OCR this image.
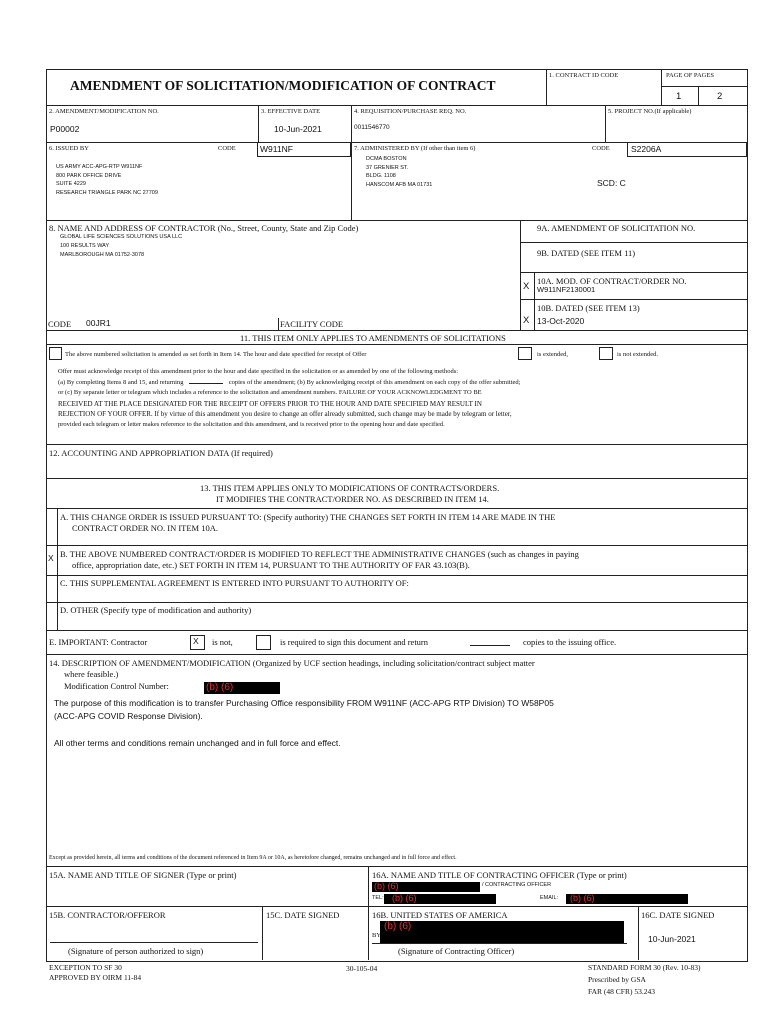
AMENDMENT OF SOLICITATION/MODIFICATION OF CONTRACT
1. CONTRACT ID CODE	PAGE OF PAGES
1	2
2. AMENDMENT/MODIFICATION NO.
P00002
3. EFFECTIVE DATE
10-Jun-2021
4. REQUISITION/PURCHASE REQ. NO.
0011546770
5. PROJECT NO.(If applicable)
6. ISSUED BY	CODE	W911NF
US ARMY ACC-APG-RTP W911NF
800 PARK OFFICE DRIVE
SUITE 4229
RESEARCH TRIANGLE PARK NC 27709
7. ADMINISTERED BY (If other than item 6)	CODE	S2206A
DCMA BOSTON
37 GRENIER ST.
BLDG. 1108
HANSCOM AFB MA 01731	SCD: C
8. NAME AND ADDRESS OF CONTRACTOR (No., Street, County, State and Zip Code)
GLOBAL LIFE SCIENCES SOLUTIONS USA LLC
100 RESULTS WAY
MARLBOROUGH MA 01752-3078
CODE 00JR1	FACILITY CODE
9A. AMENDMENT OF SOLICITATION NO.
9B. DATED (SEE ITEM 11)
X 10A. MOD. OF CONTRACT/ORDER NO.
W911NF2130001
X
10B. DATED (SEE ITEM 13)
13-Oct-2020
11. THIS ITEM ONLY APPLIES TO AMENDMENTS OF SOLICITATIONS
The above numbered solicitation is amended as set forth in Item 14. The hour and date specified for receipt of Offer	is extended,	is not extended.
Offer must acknowledge receipt of this amendment prior to the hour and date specified in the solicitation or as amended by one of the following methods:
(a) By completing Items 8 and 15, and returning	copies of the amendment; (b) By acknowledging receipt of this amendment on each copy of the offer submitted;
or (c) By separate letter or telegram which includes a reference to the solicitation and amendment numbers. FAILURE OF YOUR ACKNOWLEDGMENT TO BE
RECEIVED AT THE PLACE DESIGNATED FOR THE RECEIPT OF OFFERS PRIOR TO THE HOUR AND DATE SPECIFIED MAY RESULT IN
REJECTION OF YOUR OFFER. If by virtue of this amendment you desire to change an offer already submitted, such change may be made by telegram or letter,
provided each telegram or letter makes reference to the solicitation and this amendment, and is received prior to the opening hour and date specified.
12. ACCOUNTING AND APPROPRIATION DATA (If required)
13. THIS ITEM APPLIES ONLY TO MODIFICATIONS OF CONTRACTS/ORDERS.
IT MODIFIES THE CONTRACT/ORDER NO. AS DESCRIBED IN ITEM 14.
A. THIS CHANGE ORDER IS ISSUED PURSUANT TO: (Specify authority) THE CHANGES SET FORTH IN ITEM 14 ARE MADE IN THE
CONTRACT ORDER NO. IN ITEM 10A.
X B. THE ABOVE NUMBERED CONTRACT/ORDER IS MODIFIED TO REFLECT THE ADMINISTRATIVE CHANGES (such as changes in paying
office, appropriation date, etc.) SET FORTH IN ITEM 14, PURSUANT TO THE AUTHORITY OF FAR 43.103(B).
C. THIS SUPPLEMENTAL AGREEMENT IS ENTERED INTO PURSUANT TO AUTHORITY OF:
D. OTHER (Specify type of modification and authority)
E. IMPORTANT: Contractor	X is not,	is required to sign this document and return	copies to the issuing office.
14. DESCRIPTION OF AMENDMENT/MODIFICATION (Organized by UCF section headings, including solicitation/contract subject matter
where feasible.)
Modification Control Number:	(b) (6)
The purpose of this modification is to transfer Purchasing Office responsibility FROM W911NF (ACC-APG RTP Division) TO W58P05
(ACC-APG COVID Response Division).
All other terms and conditions remain unchanged and in full force and effect.
Except as provided herein, all terms and conditions of the document referenced in Item 9A or 10A, as heretofore changed, remains unchanged and in full force and effect.
15A. NAME AND TITLE OF SIGNER (Type or print)	16A. NAME AND TITLE OF CONTRACTING OFFICER (Type or print)
(b) (6)	/ CONTRACTING OFFICER
TEL: (b) (6)	EMAIL: (b) (6)
15B. CONTRACTOR/OFFEROR	15C. DATE SIGNED	16B. UNITED STATES OF AMERICA	16C. DATE SIGNED
(b) (6)
BY	10-Jun-2021
(Signature of person authorized to sign)	(Signature of Contracting Officer)
EXCEPTION TO SF 30
APPROVED BY OIRM 11-84
30-105-04	STANDARD FORM 30 (Rev. 10-83)
Prescribed by GSA
FAR (48 CFR) 53.243
